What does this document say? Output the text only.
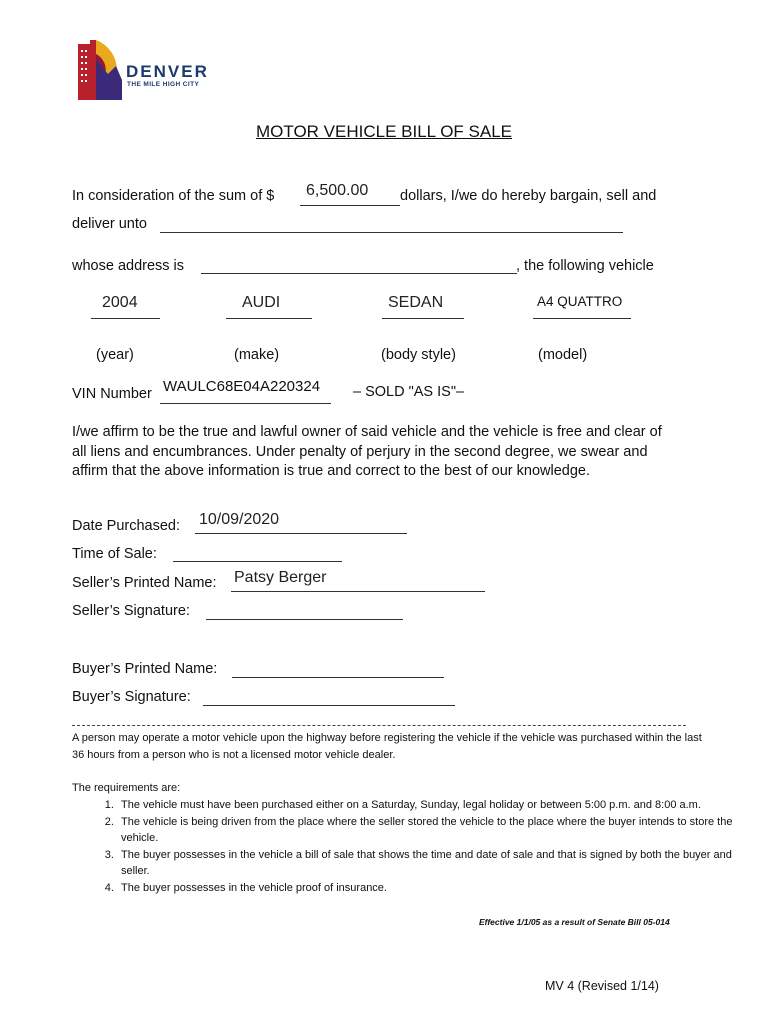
DENVER
THE MILE HIGH CITY
MOTOR VEHICLE BILL OF SALE
In consideration of the sum of $ 6,500.00 dollars, I/we do hereby bargain, sell and
deliver unto
whose address is	, the following vehicle
2004	AUDI	SEDAN	A4 QUATTRO
(year)	(make)	(body style)	(model)
VIN Number WAULC68E04A220324 – SOLD "AS IS"–
I/we affirm to be the true and lawful owner of said vehicle and the vehicle is free and clear of all liens and encumbrances. Under penalty of perjury in the second degree, we swear and affirm that the above information is true and correct to the best of our knowledge.
Date Purchased: 10/09/2020
Time of Sale:
Seller’s Printed Name: Patsy Berger
Seller’s Signature:
Buyer’s Printed Name:
Buyer’s Signature:
A person may operate a motor vehicle upon the highway before registering the vehicle if the vehicle was purchased within the last 36 hours from a person who is not a licensed motor vehicle dealer.
The requirements are:
1. The vehicle must have been purchased either on a Saturday, Sunday, legal holiday or between 5:00 p.m. and 8:00 a.m.
2. The vehicle is being driven from the place where the seller stored the vehicle to the place where the buyer intends to store the vehicle.
3. The buyer possesses in the vehicle a bill of sale that shows the time and date of sale and that is signed by both the buyer and seller.
4. The buyer possesses in the vehicle proof of insurance.
Effective 1/1/05 as a result of Senate Bill 05-014
MV 4 (Revised 1/14)
